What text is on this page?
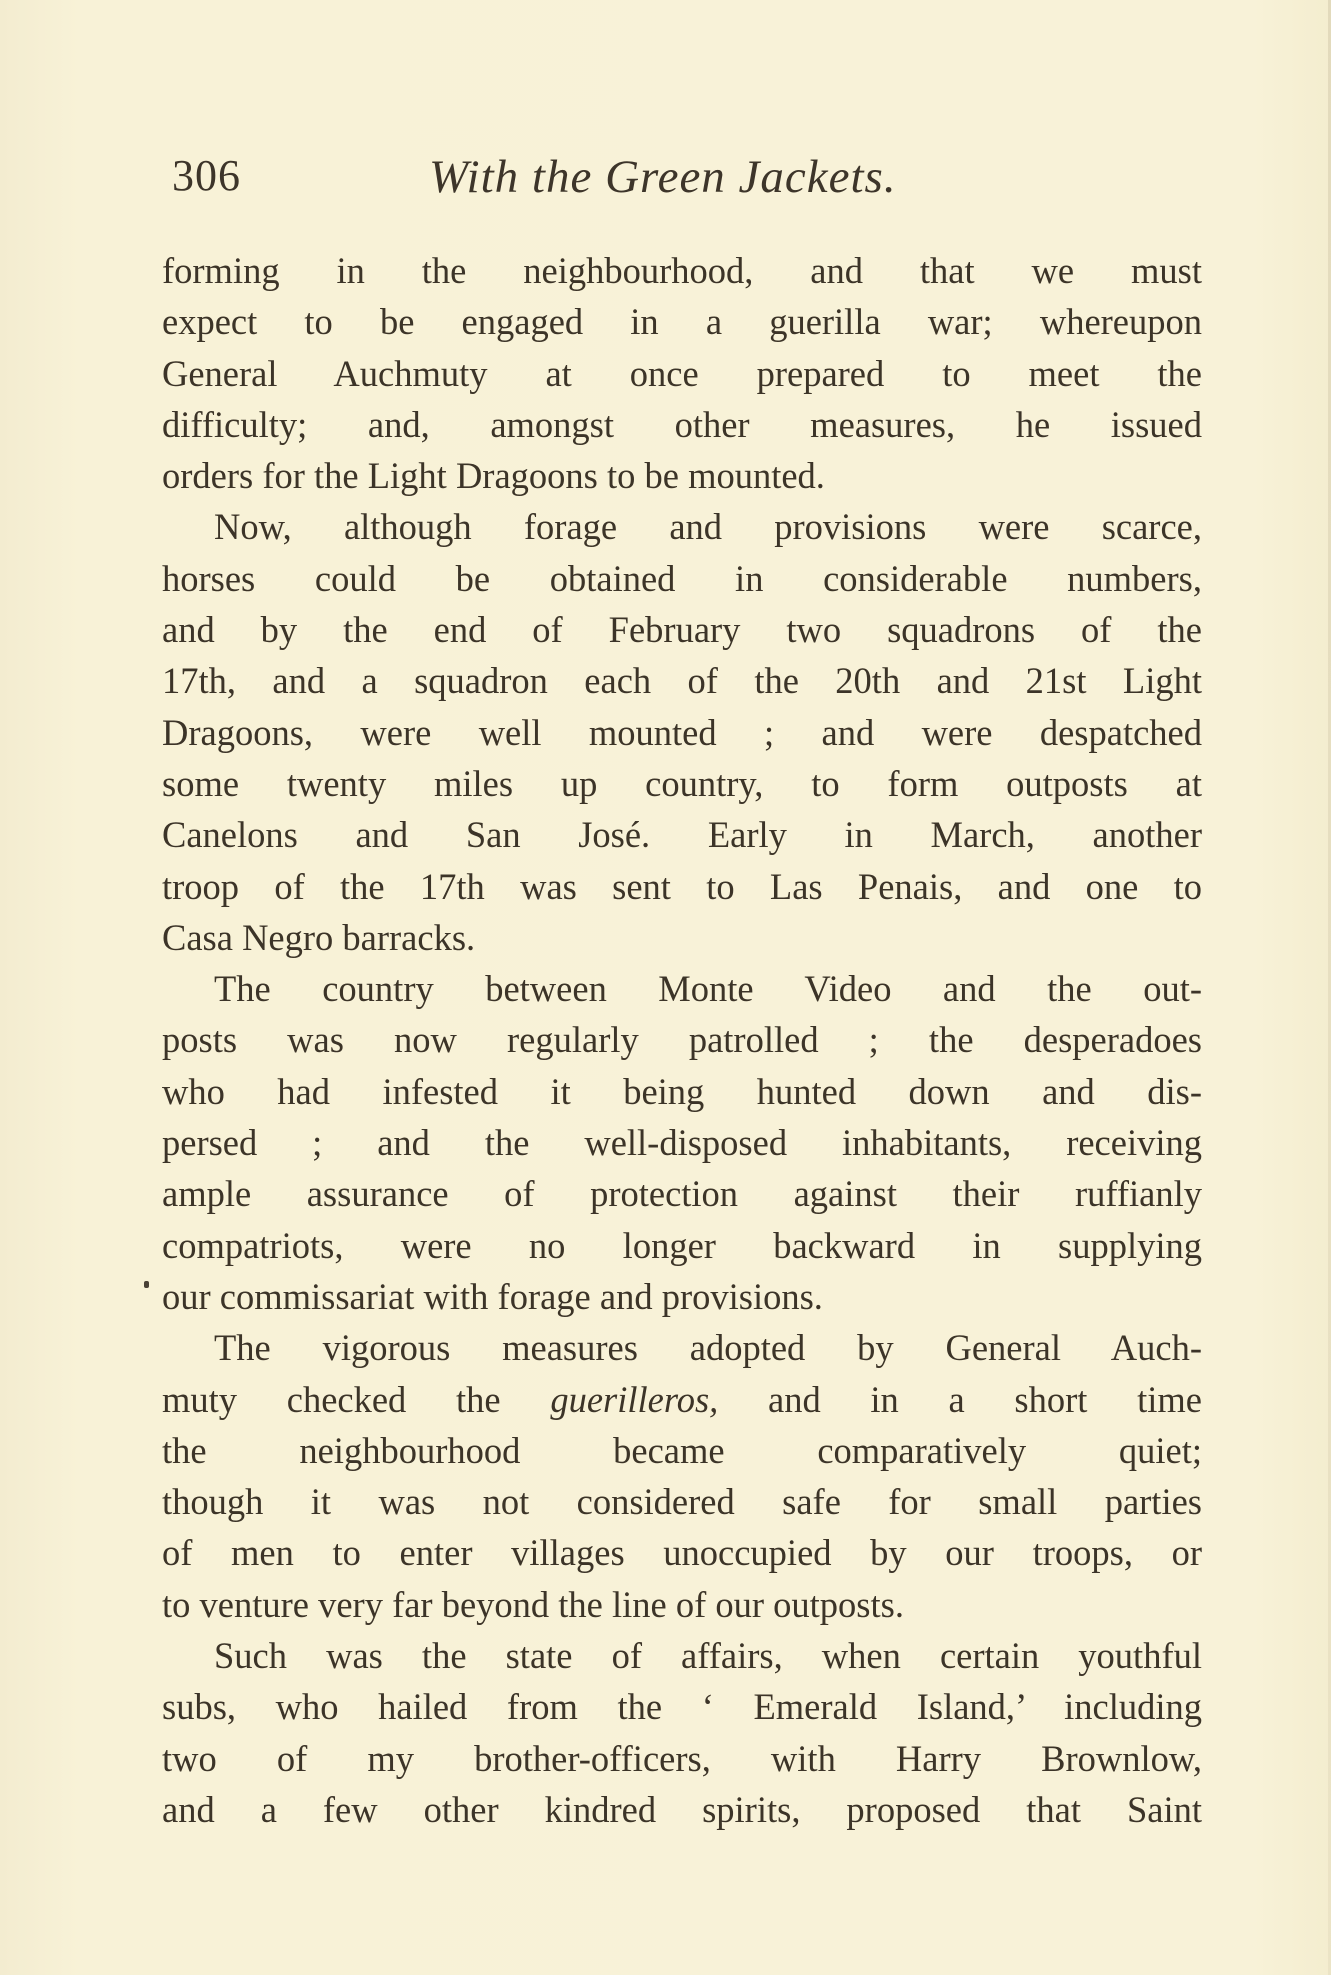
306	With the Green Jackets.
forming in the neighbourhood, and that we must
expect to be engaged in a guerilla war; whereupon
General Auchmuty at once prepared to meet the
difficulty; and, amongst other measures, he issued
orders for the Light Dragoons to be mounted.
Now, although forage and provisions were scarce,
horses could be obtained in considerable numbers,
and by the end of February two squadrons of the
17th, and a squadron each of the 20th and 21st Light
Dragoons, were well mounted ; and were despatched
some twenty miles up country, to form outposts at
Canelons and San José. Early in March, another
troop of the 17th was sent to Las Penais, and one to
Casa Negro barracks.
The country between Monte Video and the out-
posts was now regularly patrolled ; the desperadoes
who had infested it being hunted down and dis-
persed ; and the well-disposed inhabitants, receiving
ample assurance of protection against their ruffianly
compatriots, were no longer backward in supplying
our commissariat with forage and provisions.
The vigorous measures adopted by General Auch-
muty checked the guerilleros, and in a short time
the neighbourhood became comparatively quiet;
though it was not considered safe for small parties
of men to enter villages unoccupied by our troops, or
to venture very far beyond the line of our outposts.
Such was the state of affairs, when certain youthful
subs, who hailed from the ‘ Emerald Island,’ including
two of my brother-officers, with Harry Brownlow,
and a few other kindred spirits, proposed that Saint
